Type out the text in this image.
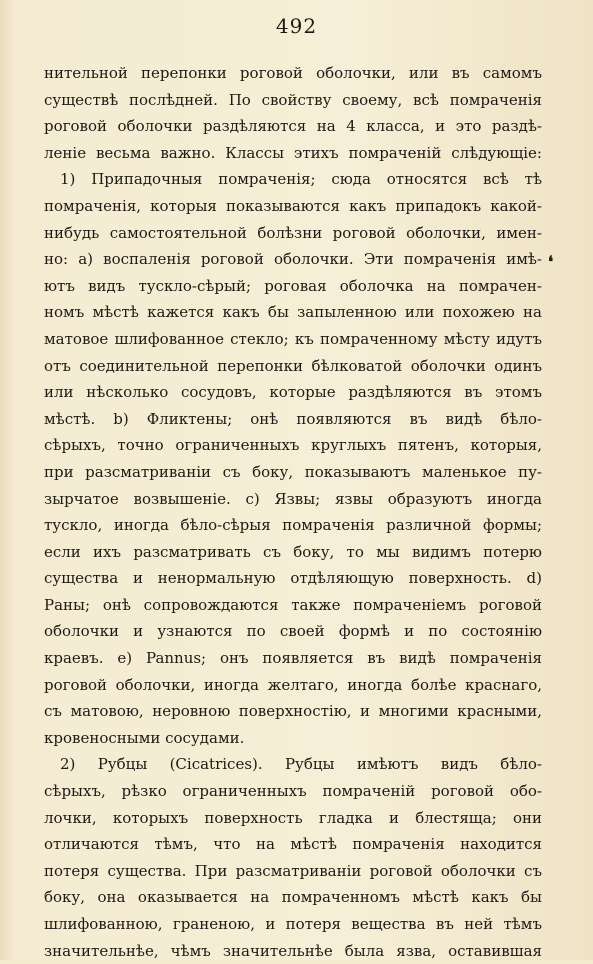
492
❛
нительной перепонки роговой оболочки, или въ самомъ
существѣ послѣдней. По свойству своему, всѣ помраченія
роговой оболочки раздѣляются на 4 класса, и это раздѣ-
леніе весьма важно. Классы этихъ помраченій слѣдующіе:
1) Припадочныя помраченія; сюда относятся всѣ тѣ
помраченія, которыя показываются какъ припадокъ какой-
нибудь самостоятельной болѣзни роговой оболочки, имен-
но: а) воспаленія роговой оболочки. Эти помраченія имѣ-
ютъ видъ тускло-сѣрый; роговая оболочка на помрачен-
номъ мѣстѣ кажется какъ бы запыленною или похожею на
матовое шлифованное стекло; къ помраченному мѣсту идутъ
отъ соединительной перепонки бѣлковатой оболочки одинъ
или нѣсколько сосудовъ, которые раздѣляются въ этомъ
мѣстѣ. b) Фликтены; онѣ появляются въ видѣ бѣло-
сѣрыхъ, точно ограниченныхъ круглыхъ пятенъ, которыя,
при разсматриваніи съ боку, показываютъ маленькое пу-
зырчатое возвышеніе. c) Язвы; язвы образуютъ иногда
тускло, иногда бѣло-сѣрыя помраченія различной формы;
если ихъ разсматривать съ боку, то мы видимъ потерю
существа и ненормальную отдѣляющую поверхность. d)
Раны; онѣ сопровождаются также помраченіемъ роговой
оболочки и узнаются по своей формѣ и по состоянію
краевъ. e) Pannus; онъ появляется въ видѣ помраченія
роговой оболочки, иногда желтаго, иногда болѣе краснаго,
съ матовою, неровною поверхностію, и многими красными,
кровеносными сосудами.
2) Рубцы (Cicatrices). Рубцы имѣютъ видъ бѣло-
сѣрыхъ, рѣзко ограниченныхъ помраченій роговой обо-
лочки, которыхъ поверхность гладка и блестяща; они
отличаются тѣмъ, что на мѣстѣ помраченія находится
потеря существа. При разсматриваніи роговой оболочки съ
боку, она оказывается на помраченномъ мѣстѣ какъ бы
шлифованною, граненою, и потеря вещества въ ней тѣмъ
значительнѣе, чѣмъ значительнѣе была язва, оставившая
